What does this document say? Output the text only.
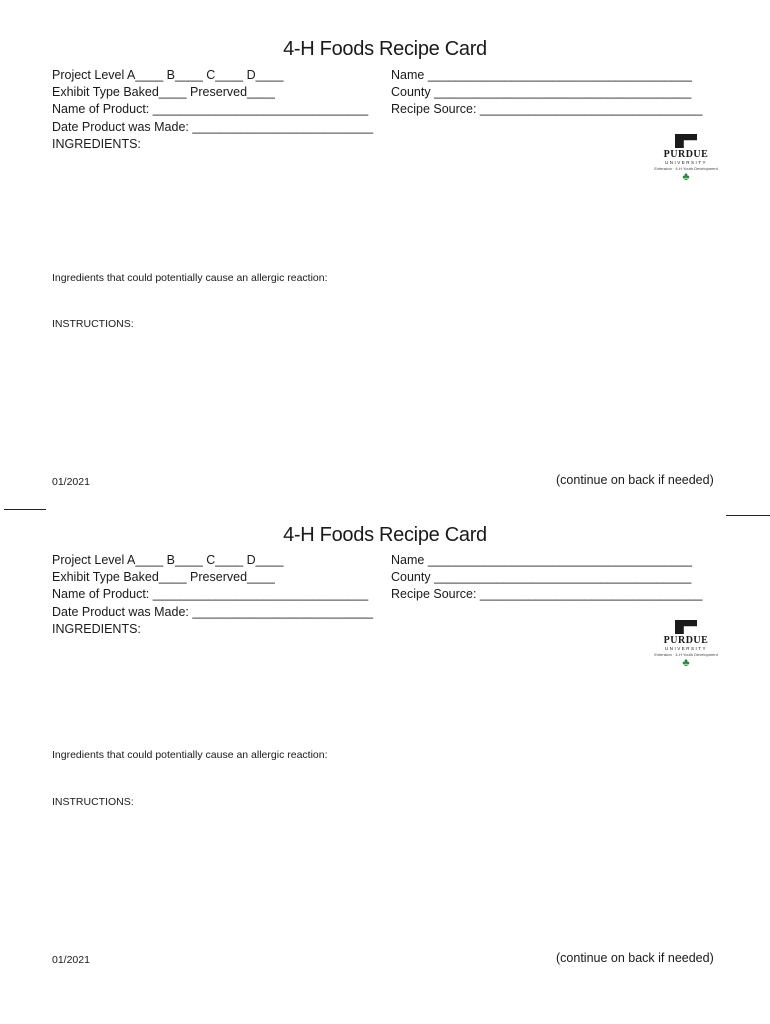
4-H Foods Recipe Card
Project Level A____ B____ C____ D____
Exhibit Type Baked____ Preserved____
Name of Product: _______________________________
Date Product was Made: __________________________
INGREDIENTS:
Name ______________________________________
County _____________________________________
Recipe Source: ________________________________
PURDUE
UNIVERSITY
Extension · 4-H Youth Development
♣
Ingredients that could potentially cause an allergic reaction:
INSTRUCTIONS:
01/2021	(continue on back if needed)
4-H Foods Recipe Card
Project Level A____ B____ C____ D____
Exhibit Type Baked____ Preserved____
Name of Product: _______________________________
Date Product was Made: __________________________
INGREDIENTS:
Name ______________________________________
County _____________________________________
Recipe Source: ________________________________
PURDUE
UNIVERSITY
Extension · 4-H Youth Development
♣
Ingredients that could potentially cause an allergic reaction:
INSTRUCTIONS:
01/2021	(continue on back if needed)
